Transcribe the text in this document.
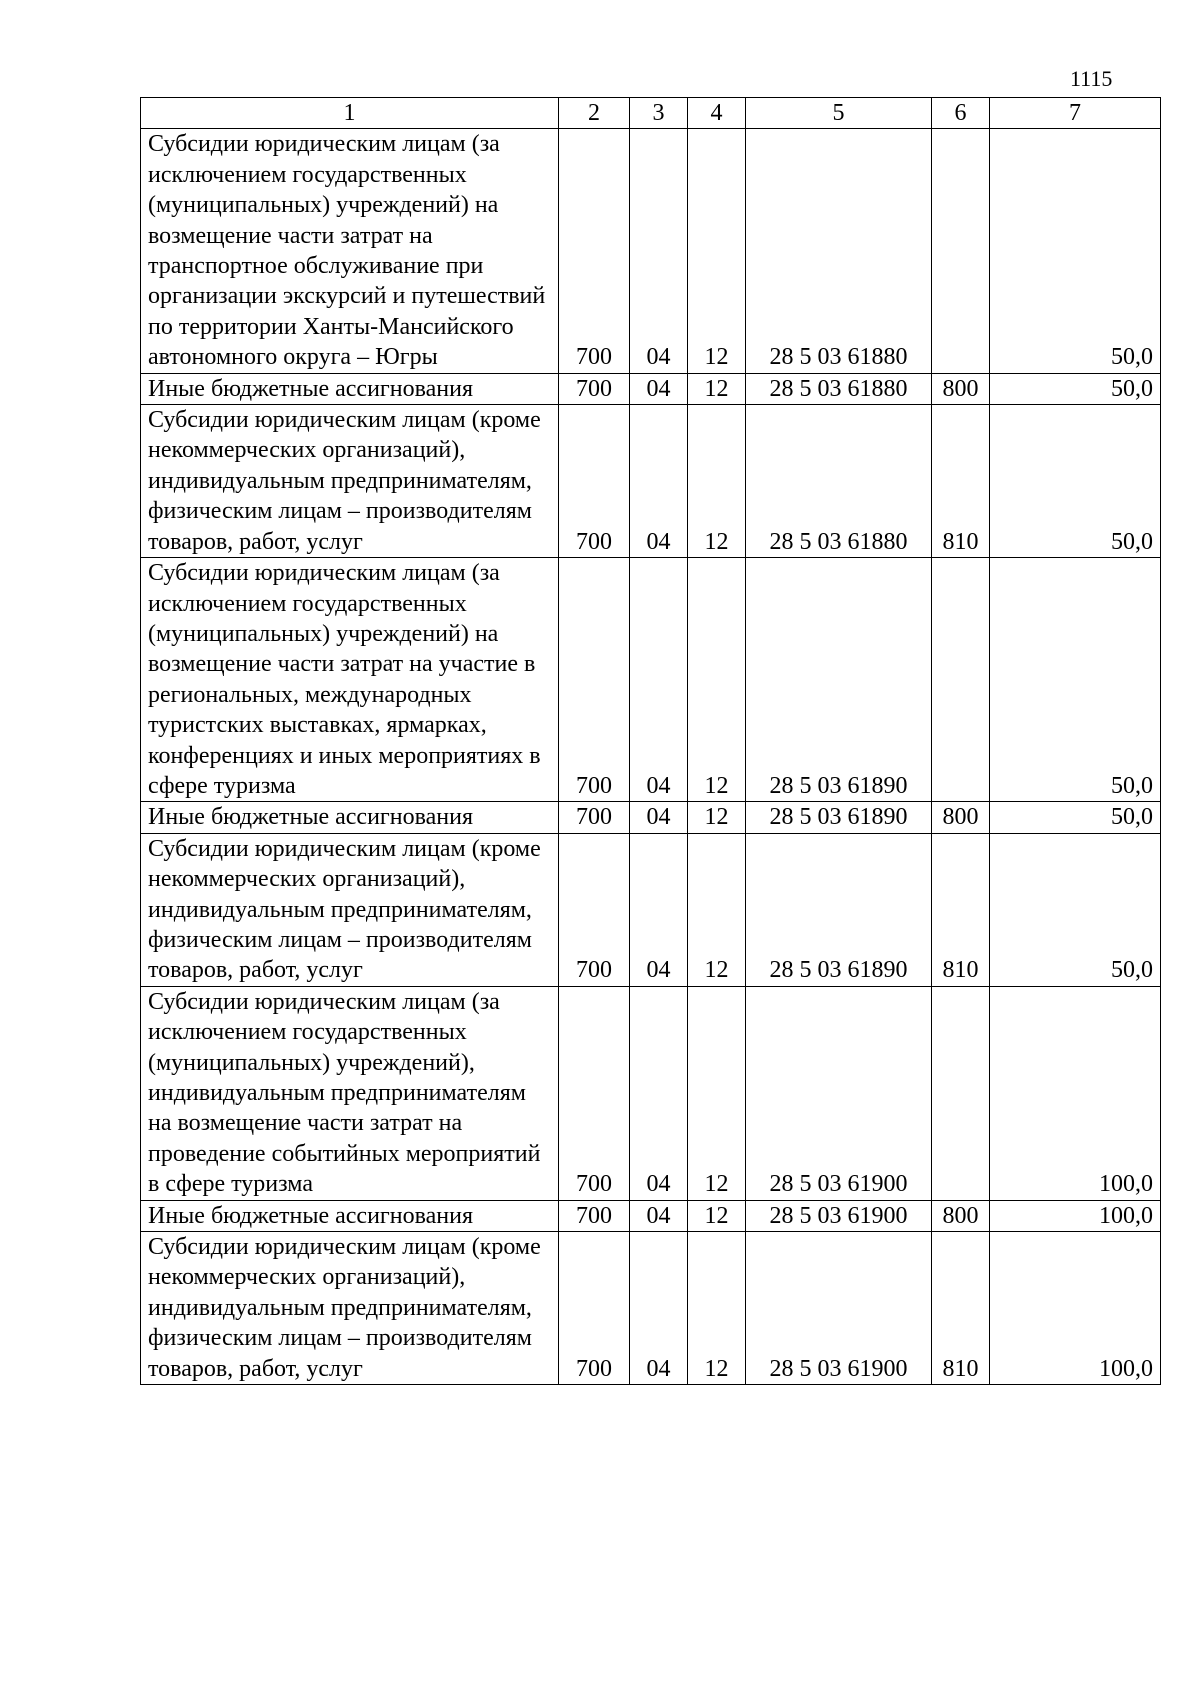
1115
1	2	3	4	5	6	7
Субсидии юридическим лицам (за исключением государственных (муниципальных) учреждений) на возмещение части затрат на транспортное обслуживание при организации экскурсий и путешествий по территории Ханты-Мансийского автономного округа – Югры	700	04	12	28 5 03 61880		50,0
Иные бюджетные ассигнования	700	04	12	28 5 03 61880	800	50,0
Субсидии юридическим лицам (кроме некоммерческих организаций), индивидуальным предпринимателям, физическим лицам – производителям товаров, работ, услуг	700	04	12	28 5 03 61880	810	50,0
Субсидии юридическим лицам (за исключением государственных (муниципальных) учреждений) на возмещение части затрат на участие в региональных, международных туристских выставках, ярмарках, конференциях и иных мероприятиях в сфере туризма	700	04	12	28 5 03 61890		50,0
Иные бюджетные ассигнования	700	04	12	28 5 03 61890	800	50,0
Субсидии юридическим лицам (кроме некоммерческих организаций), индивидуальным предпринимателям, физическим лицам – производителям товаров, работ, услуг	700	04	12	28 5 03 61890	810	50,0
Субсидии юридическим лицам (за исключением государственных (муниципальных) учреждений), индивидуальным предпринимателям на возмещение части затрат на проведение событийных мероприятий в сфере туризма	700	04	12	28 5 03 61900		100,0
Иные бюджетные ассигнования	700	04	12	28 5 03 61900	800	100,0
Субсидии юридическим лицам (кроме некоммерческих организаций), индивидуальным предпринимателям, физическим лицам – производителям товаров, работ, услуг	700	04	12	28 5 03 61900	810	100,0
